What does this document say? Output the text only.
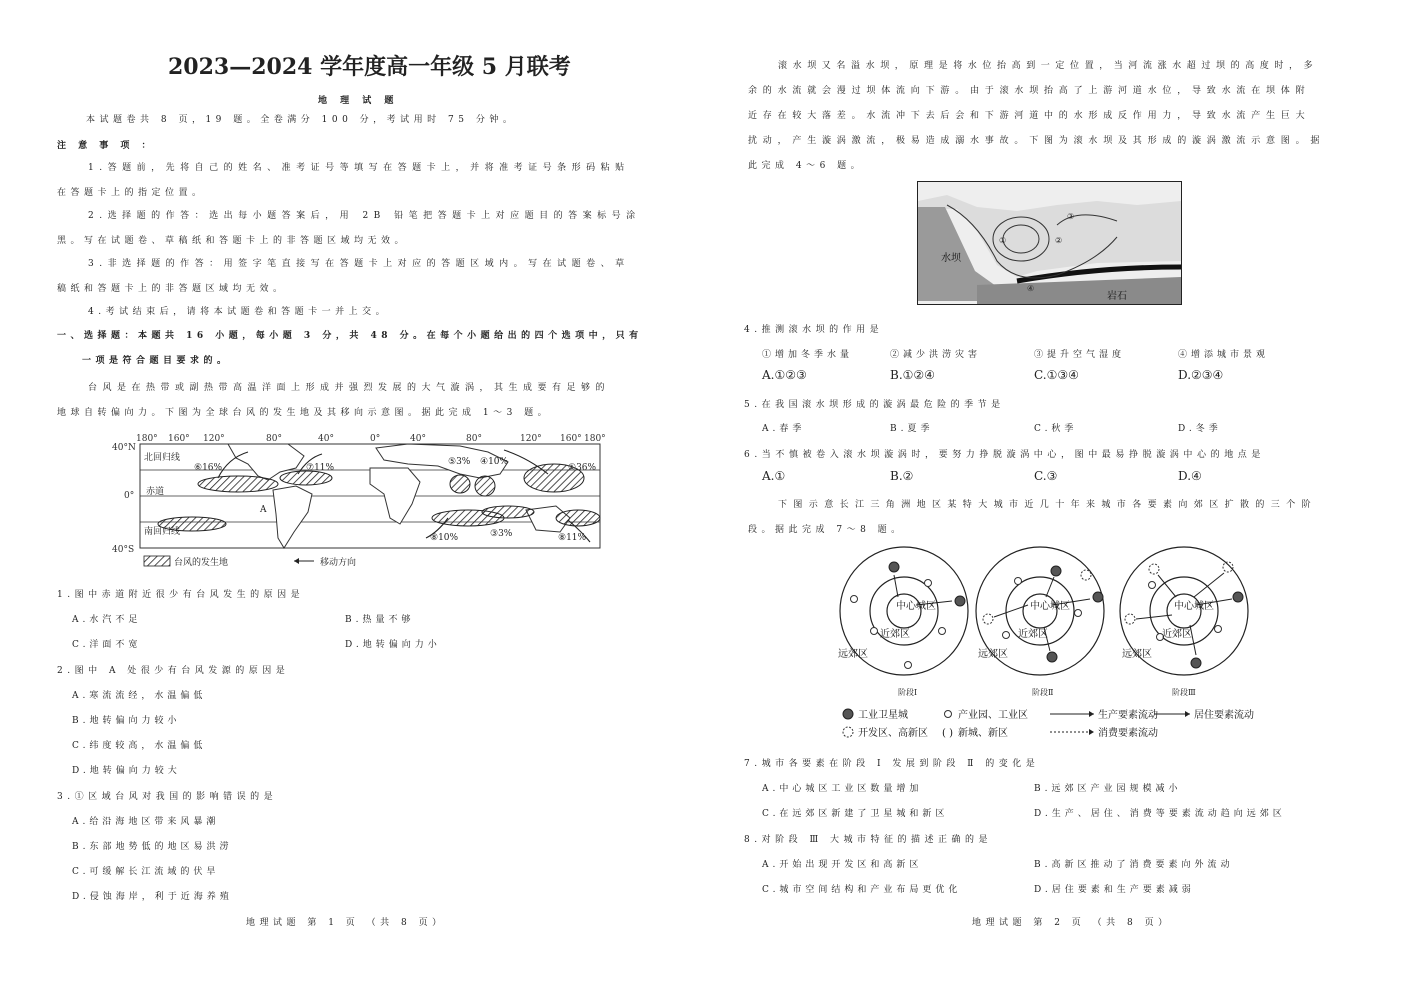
2023—2024 学年度高一年级 5 月联考
地 理 试 题
本试题卷共 8 页，19 题。全卷满分 100 分，考试用时 75 分钟。
注 意 事 项 ：
1.答题前，先将自己的姓名、准考证号等填写在答题卡上，并将准考证号条形码粘贴
在答题卡上的指定位置。
2.选择题的作答：选出每小题答案后，用 2B 铅笔把答题卡上对应题目的答案标号涂
黑。写在试题卷、草稿纸和答题卡上的非答题区域均无效。
3.非选择题的作答：用签字笔直接写在答题卡上对应的答题区域内。写在试题卷、草
稿纸和答题卡上的非答题区域均无效。
4.考试结束后，请将本试题卷和答题卡一并上交。
一、选择题：本题共 16 小题，每小题 3 分，共 48 分。在每个小题给出的四个选项中，只有
一项是符合题目要求的。
台风是在热带或副热带高温洋面上形成并强烈发展的大气漩涡，其生成要有足够的
地球自转偏向力。下图为全球台风的发生地及其移向示意图。据此完成 1～3 题。
180° 160° 120°	80°	40°	0°	40°	80°	120° 160° 180°
40°N
0°
40°S
北回归线
赤道
南回归线
A
⑥16%	⑦11%
⑤3% ④10%
①36%
⑧10%	③3%	⑧11%
台风的发生地	移动方向
1.图中赤道附近很少有台风发生的原因是
A.水汽不足	B.热量不够
C.洋面不宽	D.地转偏向力小
2.图中 A 处很少有台风发源的原因是
A.寒流流经，水温偏低
B.地转偏向力较小
C.纬度较高，水温偏低
D.地转偏向力较大
3.①区域台风对我国的影响错误的是
A.给沿海地区带来风暴潮
B.东部地势低的地区易洪涝
C.可缓解长江流域的伏旱
D.侵蚀海岸，利于近海养殖
地理试题 第 1 页 （共 8 页）
滚水坝又名溢水坝，原理是将水位抬高到一定位置，当河流涨水超过坝的高度时，多
余的水流就会漫过坝体流向下游。由于滚水坝抬高了上游河道水位，导致水流在坝体附
近存在较大落差。水流冲下去后会和下游河道中的水形成反作用力，导致水流产生巨大
扰动，产生漩涡激流，极易造成溺水事故。下图为滚水坝及其形成的漩涡激流示意图。据
此完成 4～6 题。
①	②
③
④
水坝
岩石
4.推测滚水坝的作用是
①增加冬季水量	②减少洪涝灾害	③提升空气湿度	④增添城市景观
A.①②③	B.①②④	C.①③④	D.②③④
5.在我国滚水坝形成的漩涡最危险的季节是
A.春季	B.夏季	C.秋季	D.冬季
6.当不慎被卷入滚水坝漩涡时，要努力挣脱漩涡中心，图中最易挣脱漩涡中心的地点是
A.①	B.②	C.③	D.④
下图示意长江三角洲地区某特大城市近几十年来城市各要素向郊区扩散的三个阶
段。据此完成 7～8 题。
中心城区
近郊区
远郊区
中心城区
近郊区
远郊区
中心城区
近郊区
远郊区
阶段Ⅰ	阶段Ⅱ	阶段Ⅲ
工业卫星城	产业园、工业区	生产要素流动	居住要素流动
开发区、高新区 ( ) 新城、新区	消费要素流动
7.城市各要素在阶段 Ⅰ 发展到阶段 Ⅱ 的变化是
A.中心城区工业区数量增加	B.远郊区产业园规模减小
C.在远郊区新建了卫星城和新区	D.生产、居住、消费等要素流动趋向远郊区
8.对阶段 Ⅲ 大城市特征的描述正确的是
A.开始出现开发区和高新区	B.高新区推动了消费要素向外流动
C.城市空间结构和产业布局更优化	D.居住要素和生产要素减弱
地理试题 第 2 页 （共 8 页）
